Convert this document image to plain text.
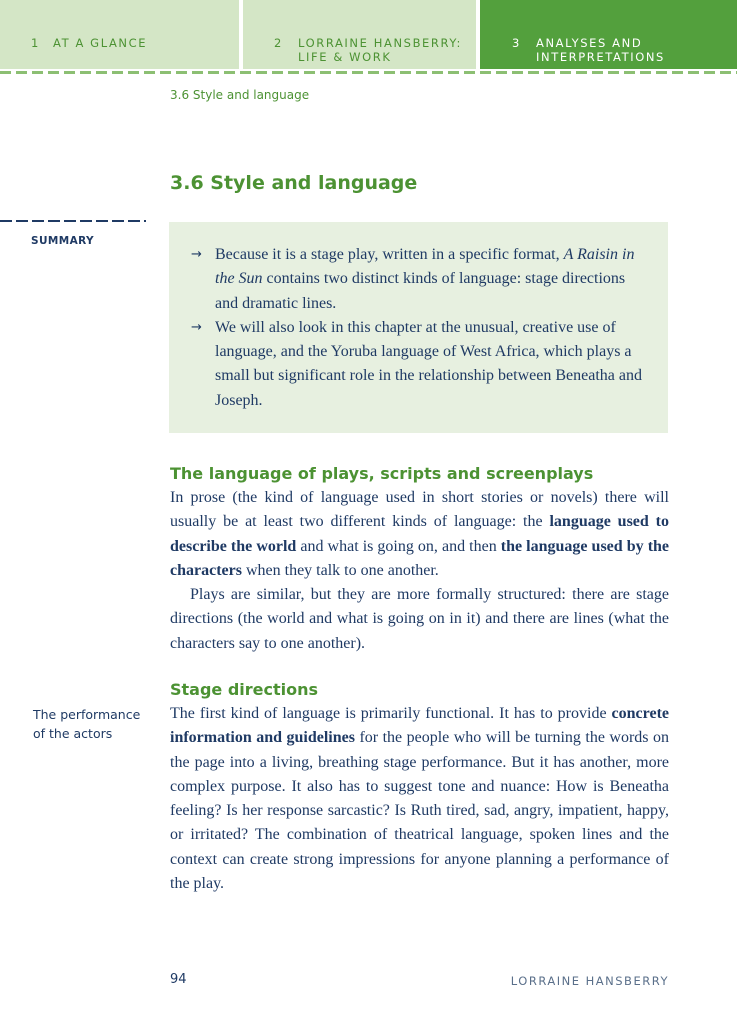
1 AT A GLANCE	2 LORRAINE HANSBERRY:
LIFE & WORK
3 ANALYSES AND
INTERPRETATIONS
3.6 Style and language
3.6 Style and language
SUMMARY
→ Because it is a stage play, written in a specific format, A Raisin in the Sun contains two distinct kinds of language: stage directions and dramatic lines.
→ We will also look in this chapter at the unusual, creative use of language, and the Yoruba language of West Africa, which plays a small but significant role in the relationship between Beneatha and Joseph.
The language of plays, scripts and screenplays

In prose (the kind of language used in short stories or novels) there will usually be at least two different kinds of language: the language used to describe the world and what is going on, and then the language used by the characters when they talk to one another.

Plays are similar, but they are more formally structured: there are stage directions (the world and what is going on in it) and there are lines (what the characters say to one another).

The performance of the actors
Stage directions

The first kind of language is primarily functional. It has to provide concrete information and guidelines for the people who will be turning the words on the page into a living, breathing stage performance. But it has another, more complex purpose. It also has to suggest tone and nuance: How is Beneatha feeling? Is her response sarcastic? Is Ruth tired, sad, angry, impatient, happy, or irritated? The combination of theatrical language, spoken lines and the context can create strong impressions for anyone planning a performance of the play.

94	LORRAINE HANSBERRY
